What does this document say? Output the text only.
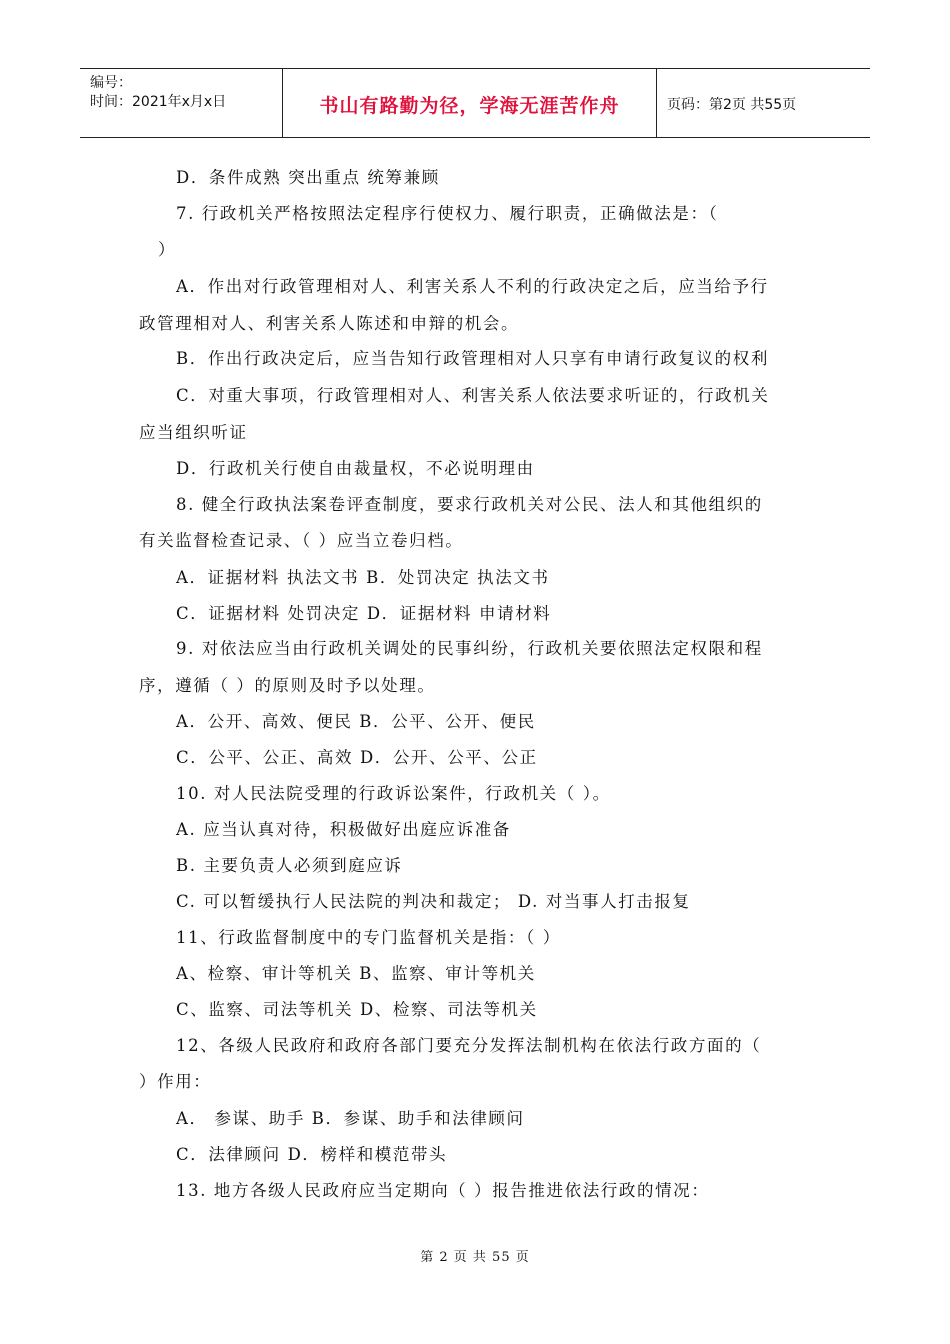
编号：
时间：2021年x月x日	书山有路勤为径，学海无涯苦作舟	页码：第2页 共55页
D．条件成熟 突出重点 统筹兼顾
7. 行政机关严格按照法定程序行使权力、履行职责，正确做法是：（
）
A．作出对行政管理相对人、利害关系人不利的行政决定之后，应当给予行
政管理相对人、利害关系人陈述和申辩的机会。
B．作出行政决定后，应当告知行政管理相对人只享有申请行政复议的权利
C．对重大事项，行政管理相对人、利害关系人依法要求听证的，行政机关
应当组织听证
D．行政机关行使自由裁量权，不必说明理由
8. 健全行政执法案卷评查制度，要求行政机关对公民、法人和其他组织的
有关监督检查记录、（ ）应当立卷归档。
A．证据材料 执法文书 B．处罚决定 执法文书
C．证据材料 处罚决定 D．证据材料 申请材料
9. 对依法应当由行政机关调处的民事纠纷，行政机关要依照法定权限和程
序，遵循（ ）的原则及时予以处理。
A．公开、高效、便民 B．公平、公开、便民
C．公平、公正、高效 D．公开、公平、公正
10. 对人民法院受理的行政诉讼案件，行政机关（ ）。
A. 应当认真对待，积极做好出庭应诉准备
B. 主要负责人必须到庭应诉
C. 可以暂缓执行人民法院的判决和裁定； D. 对当事人打击报复
11、行政监督制度中的专门监督机关是指：（ ）
A、检察、审计等机关 B、监察、审计等机关
C、监察、司法等机关 D、检察、司法等机关
12、各级人民政府和政府各部门要充分发挥法制机构在依法行政方面的（
）作用：
A． 参谋、助手 B．参谋、助手和法律顾问
C．法律顾问 D．榜样和模范带头
13. 地方各级人民政府应当定期向（ ）报告推进依法行政的情况：
第 2 页 共 55 页
